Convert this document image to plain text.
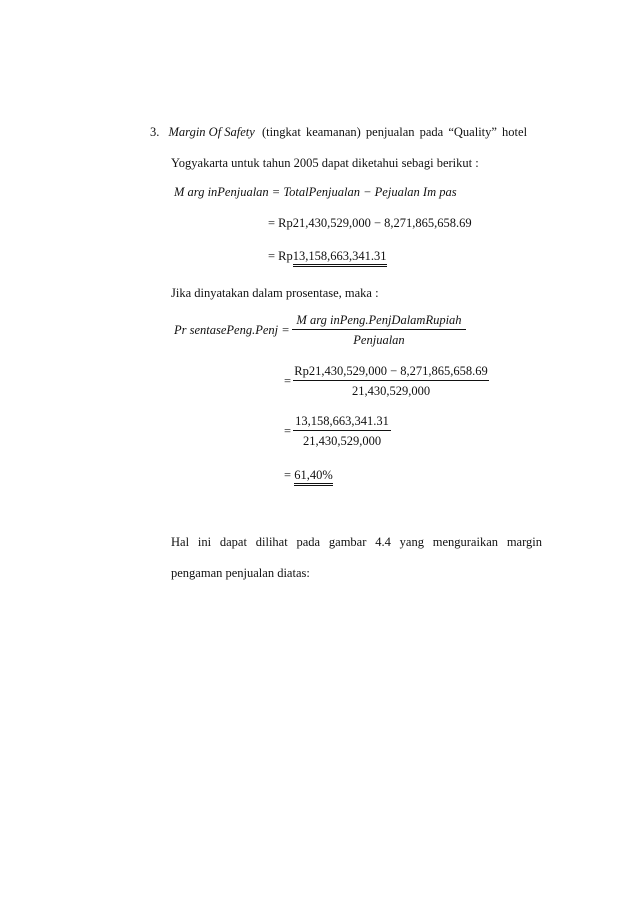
3. Margin Of Safety (tingkat keamanan) penjualan pada “Quality” hotel
Yogyakarta untuk tahun 2005 dapat diketahui sebagi berikut :
M arg inPenjualan = TotalPenjualan − Pejualan Im pas
= Rp21,430,529,000 − 8,271,865,658.69
= Rp13,158,663,341.31
Jika dinyatakan dalam prosentase, maka :
Pr sentasePeng.Penj =
M arg inPeng.PenjDalamRupiah
Penjualan
=
Rp21,430,529,000 − 8,271,865,658.69
21,430,529,000
=
13,158,663,341.31
21,430,529,000
= 61,40%
Hal ini dapat dilihat pada gambar 4.4 yang menguraikan margin
pengaman penjualan diatas:
